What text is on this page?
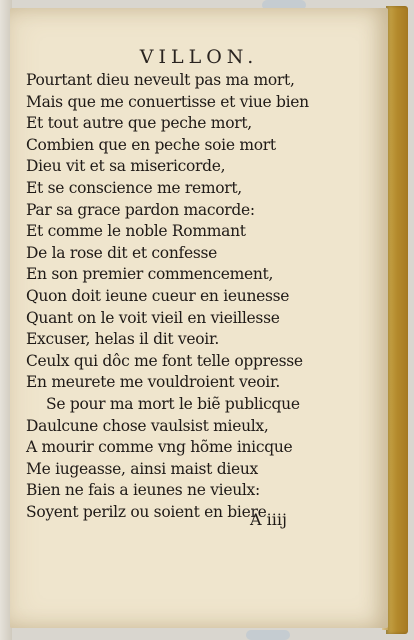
VILLON.
Pourtant dieu neveult pas ma mort,
Mais que me conuertisse et viue bien
Et tout autre que peche mort,
Combien que en peche soie mort
Dieu vit et sa misericorde,
Et se conscience me remort,
Par sa grace pardon macorde:
Et comme le noble Rommant
De la rose dit et confesse
En son premier commencement,
Quon doit ieune cueur en ieunesse
Quant on le voit vieil en vieillesse
Excuser, helas il dit veoir.
Ceulx qui dôc me font telle oppresse
En meurete me vouldroient veoir.
Se pour ma mort le biẽ publicque
Daulcune chose vaulsist mieulx,
A mourir comme vng hõme inicque
Me iugeasse, ainsi maist dieux
Bien ne fais a ieunes ne vieulx:
Soyent perilz ou soient en biere
A iiij
